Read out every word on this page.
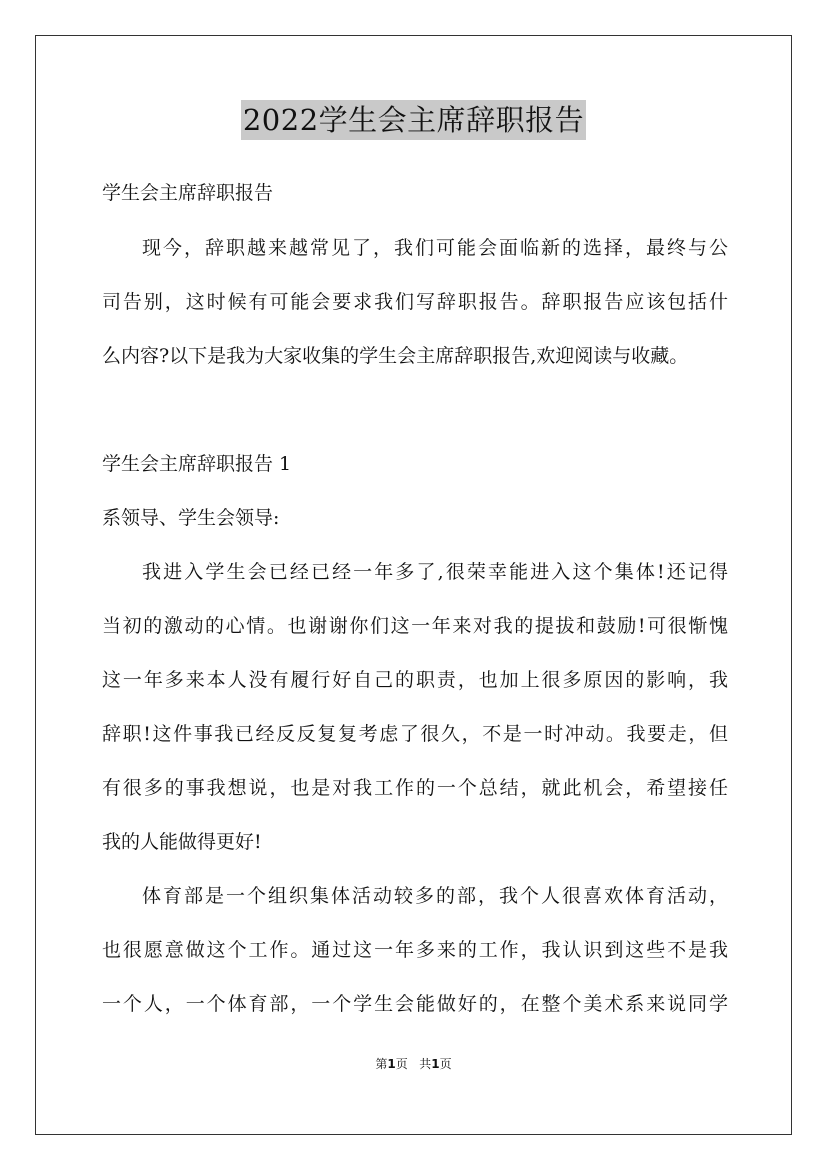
2022学生会主席辞职报告
学生会主席辞职报告
现今，辞职越来越常见了，我们可能会面临新的选择，最终与公
司告别，这时候有可能会要求我们写辞职报告。辞职报告应该包括什
么内容?以下是我为大家收集的学生会主席辞职报告,欢迎阅读与收藏。
学生会主席辞职报告 1
系领导、学生会领导:
我进入学生会已经已经一年多了,很荣幸能进入这个集体!还记得
当初的激动的心情。也谢谢你们这一年来对我的提拔和鼓励!可很惭愧
这一年多来本人没有履行好自己的职责，也加上很多原因的影响，我
辞职!这件事我已经反反复复考虑了很久，不是一时冲动。我要走，但
有很多的事我想说，也是对我工作的一个总结，就此机会，希望接任
我的人能做得更好!
体育部是一个组织集体活动较多的部，我个人很喜欢体育活动，
也很愿意做这个工作。通过这一年多来的工作，我认识到这些不是我
一个人，一个体育部，一个学生会能做好的，在整个美术系来说同学
第1页 共1页
